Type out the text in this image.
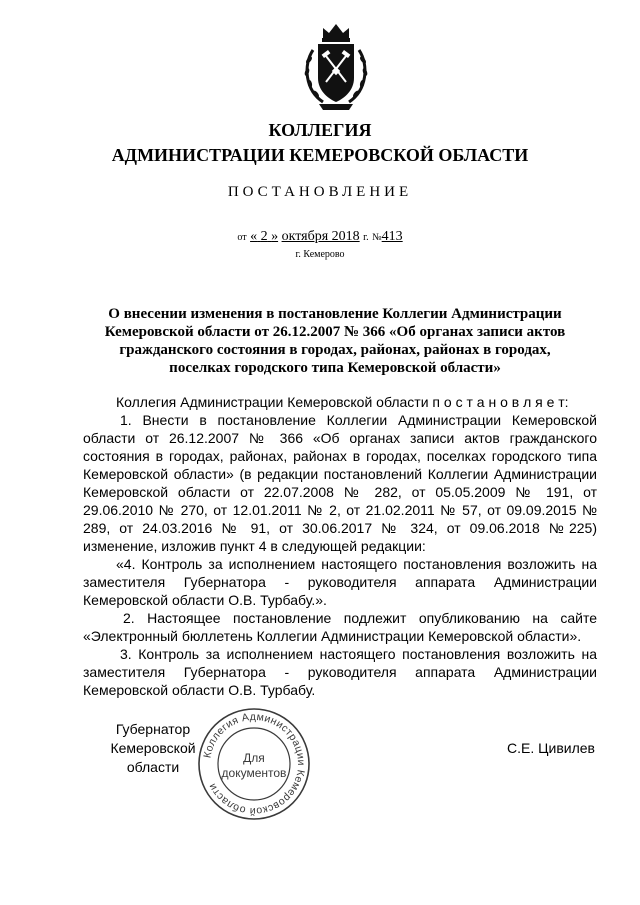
КОЛЛЕГИЯ
АДМИНИСТРАЦИИ КЕМЕРОВСКОЙ ОБЛАСТИ
ПОСТАНОВЛЕНИЕ
от « 2 » октября 2018 г. №413
г. Кемерово
О внесении изменения в постановление Коллегии Администрации Кемеровской области от 26.12.2007 № 366 «Об органах записи актов гражданского состояния в городах, районах, районах в городах, поселках городского типа Кемеровской области»

Коллегия Администрации Кемеровской области п о с т а н о в л я е т:

1. Внести в постановление Коллегии Администрации Кемеровской области от 26.12.2007 № 366 «Об органах записи актов гражданского состояния в городах, районах, районах в городах, поселках городского типа Кемеровской области» (в редакции постановлений Коллегии Администрации Кемеровской области от 22.07.2008 № 282, от 05.05.2009 № 191, от 29.06.2010 № 270, от 12.01.2011 № 2, от 21.02.2011 № 57, от 09.09.2015 № 289, от 24.03.2016 № 91, от 30.06.2017 № 324, от 09.06.2018 №225) изменение, изложив пункт 4 в следующей редакции:

«4. Контроль за исполнением настоящего постановления возложить на заместителя Губернатора - руководителя аппарата Администрации Кемеровской области О.В. Турбабу.».

2. Настоящее постановление подлежит опубликованию на сайте «Электронный бюллетень Коллегии Администрации Кемеровской области».

3. Контроль за исполнением настоящего постановления возложить на заместителя Губернатора - руководителя аппарата Администрации Кемеровской области О.В. Турбабу.

Губернатор
Кемеровской области
С.Е. Цивилев
Коллегия Администрации Кемеровской области
Для
документов
